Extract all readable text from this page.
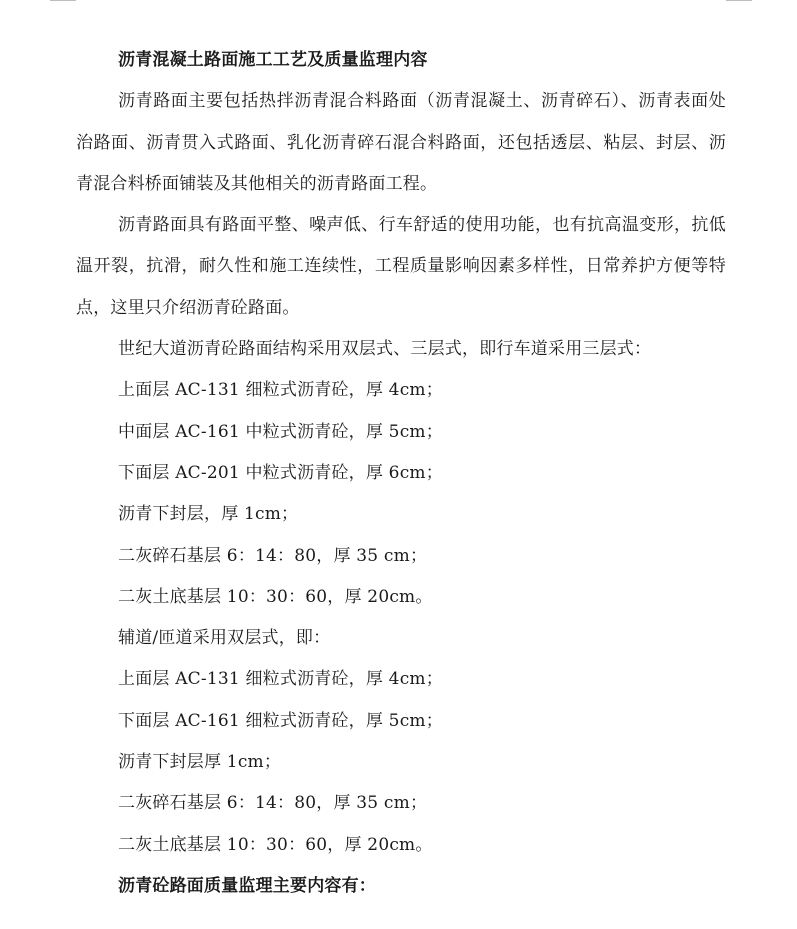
沥青混凝土路面施工工艺及质量监理内容
沥青路面主要包括热拌沥青混合料路面（沥青混凝土、沥青碎石）、沥青表面处治路面、沥青贯入式路面、乳化沥青碎石混合料路面，还包括透层、粘层、封层、沥青混合料桥面铺装及其他相关的沥青路面工程。
沥青路面具有路面平整、噪声低、行车舒适的使用功能，也有抗高温变形，抗低温开裂，抗滑，耐久性和施工连续性，工程质量影响因素多样性，日常养护方便等特点，这里只介绍沥青砼路面。
世纪大道沥青砼路面结构采用双层式、三层式，即行车道采用三层式：
上面层 AC-131 细粒式沥青砼，厚 4cm；
中面层 AC-161 中粒式沥青砼，厚 5cm；
下面层 AC-201 中粒式沥青砼，厚 6cm；
沥青下封层，厚 1cm；
二灰碎石基层 6：14：80，厚 35 cm；
二灰土底基层 10：30：60，厚 20cm。
辅道/匝道采用双层式，即：
上面层 AC-131 细粒式沥青砼，厚 4cm；
下面层 AC-161 细粒式沥青砼，厚 5cm；
沥青下封层厚 1cm；
二灰碎石基层 6：14：80，厚 35 cm；
二灰土底基层 10：30：60，厚 20cm。
沥青砼路面质量监理主要内容有：
